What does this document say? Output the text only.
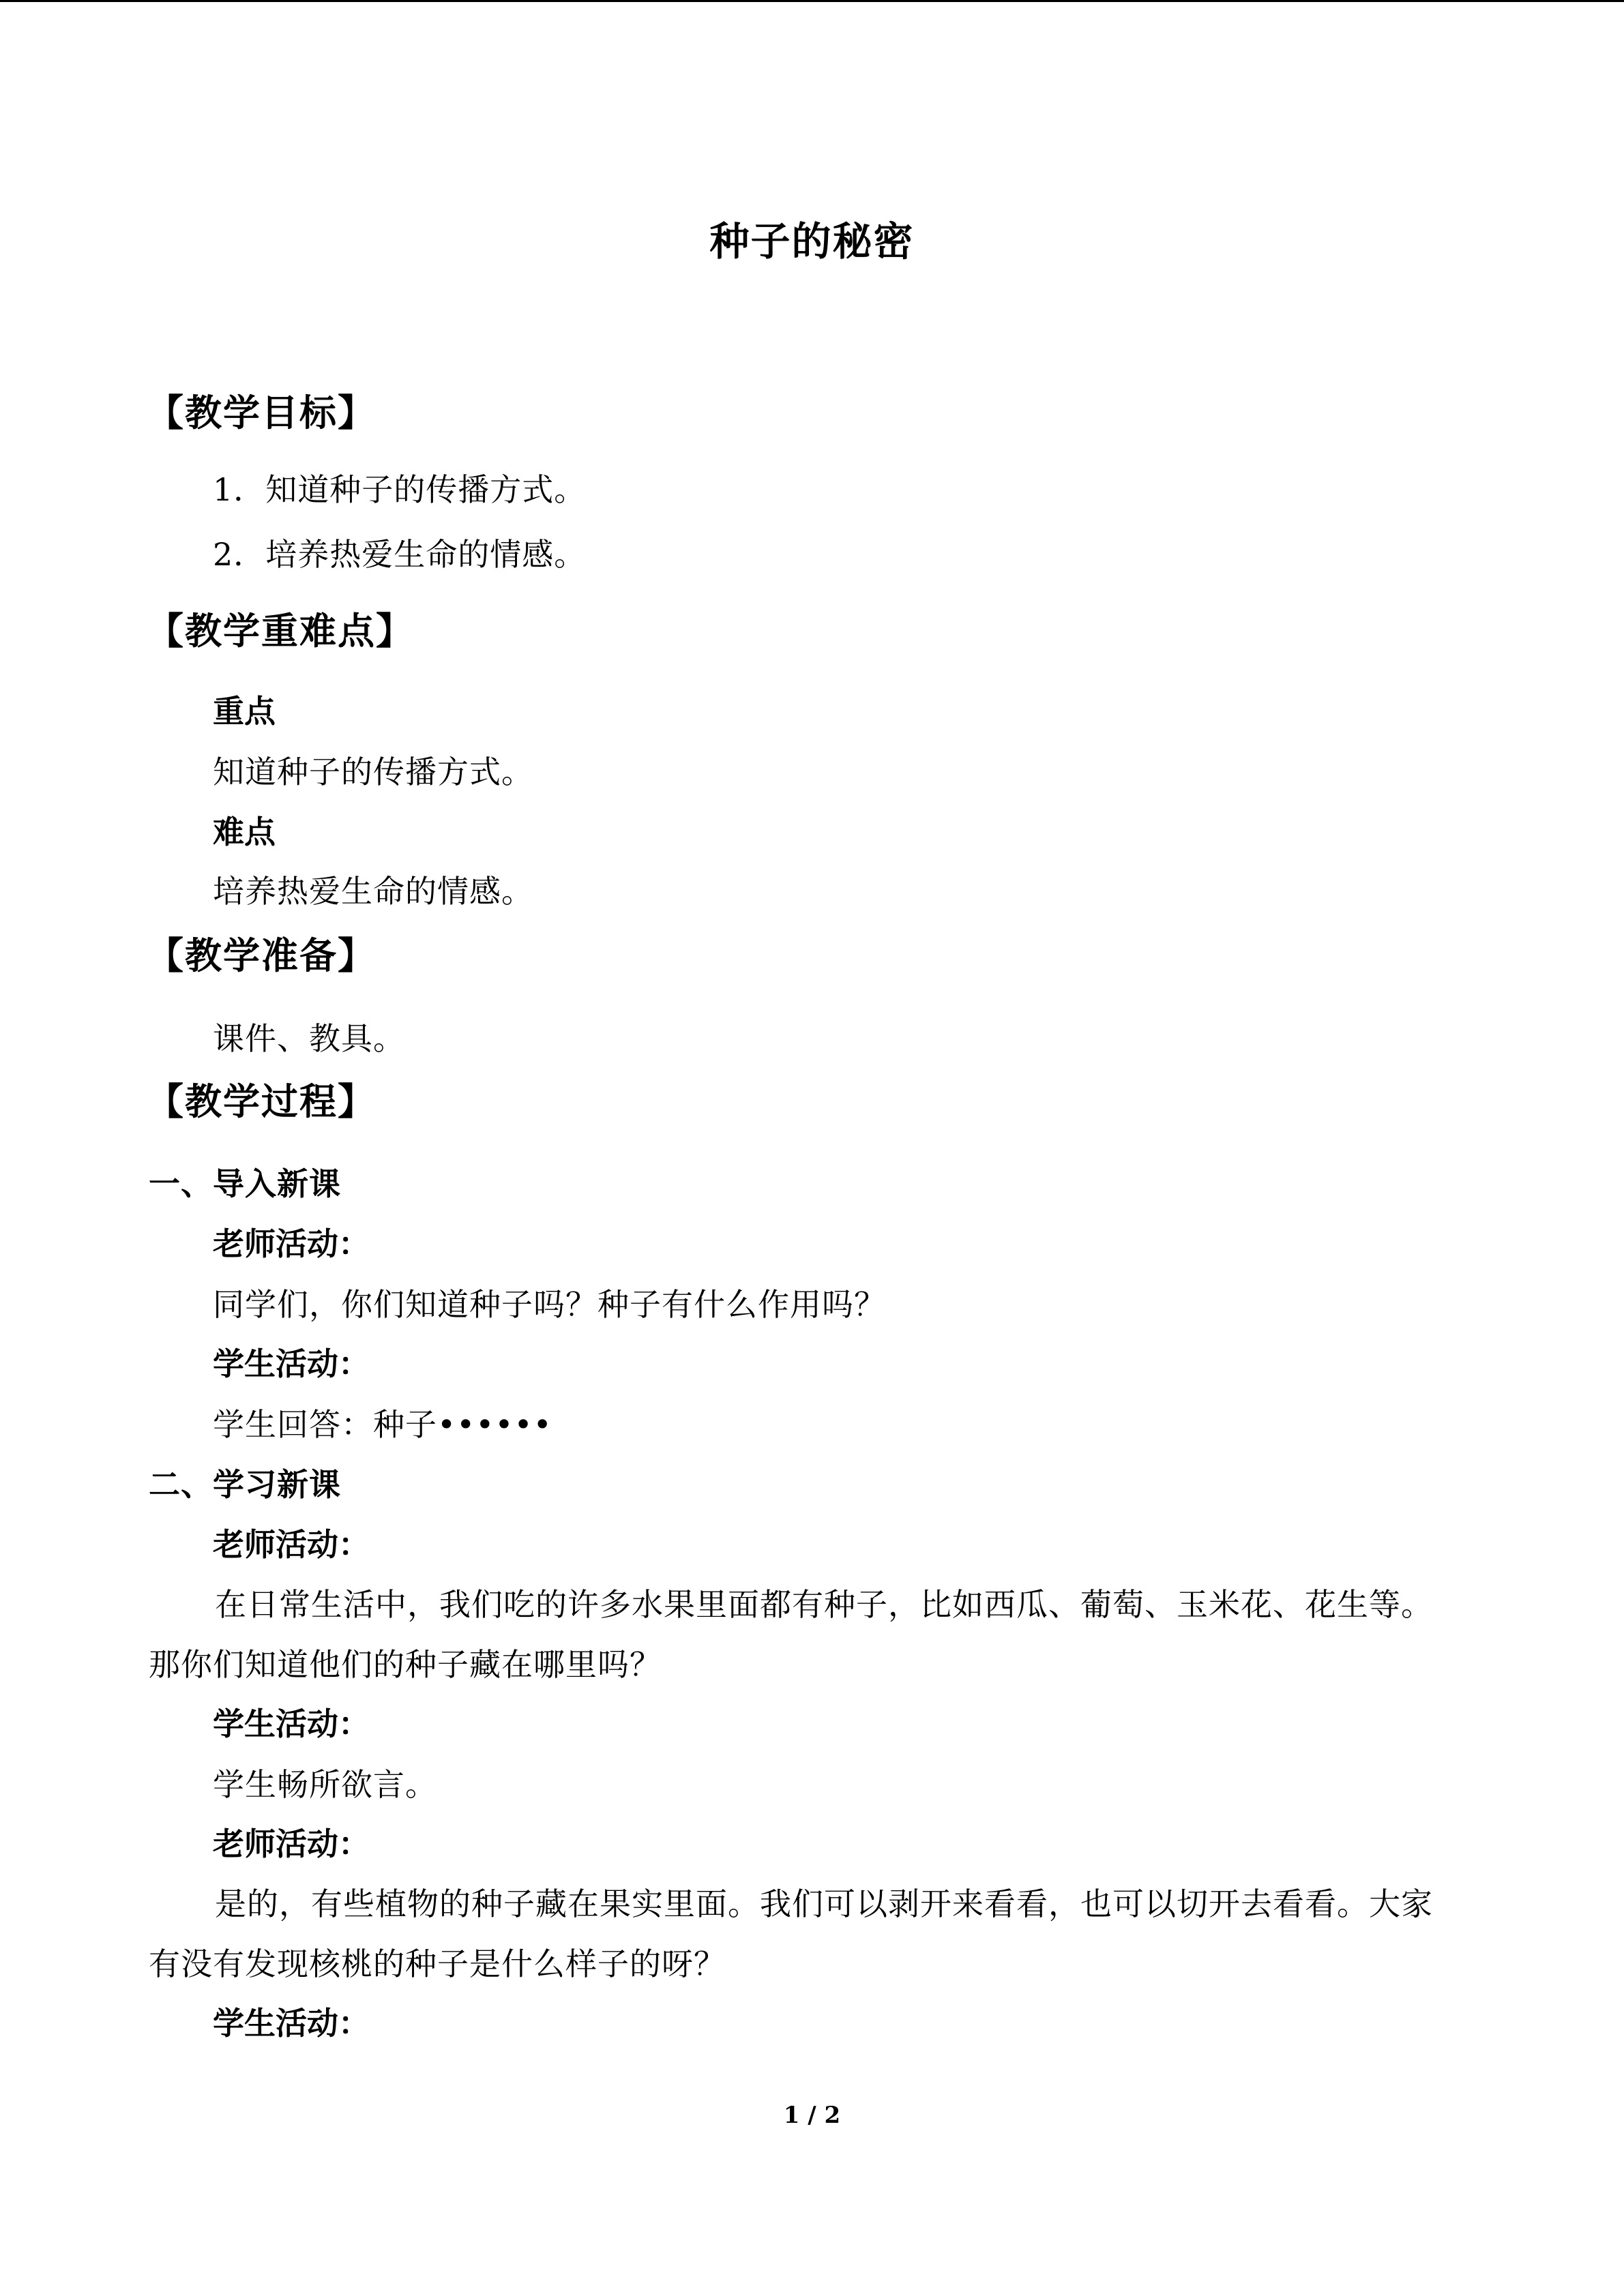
种子的秘密
【教学目标】
1．知道种子的传播方式。
2．培养热爱生命的情感。
【教学重难点】
重点
知道种子的传播方式。
难点
培养热爱生命的情感。
【教学准备】
课件、教具。
【教学过程】
一、导入新课
老师活动：
同学们，你们知道种子吗？种子有什么作用吗？
学生活动：
学生回答：种子••••••
二、学习新课
老师活动：
在日常生活中，我们吃的许多水果里面都有种子，比如西瓜、葡萄、玉米花、花生等。那你们知道他们的种子藏在哪里吗？
学生活动：
学生畅所欲言。
老师活动：
是的，有些植物的种子藏在果实里面。我们可以剥开来看看，也可以切开去看看。大家有没有发现核桃的种子是什么样子的呀？
学生活动：
1 / 2
